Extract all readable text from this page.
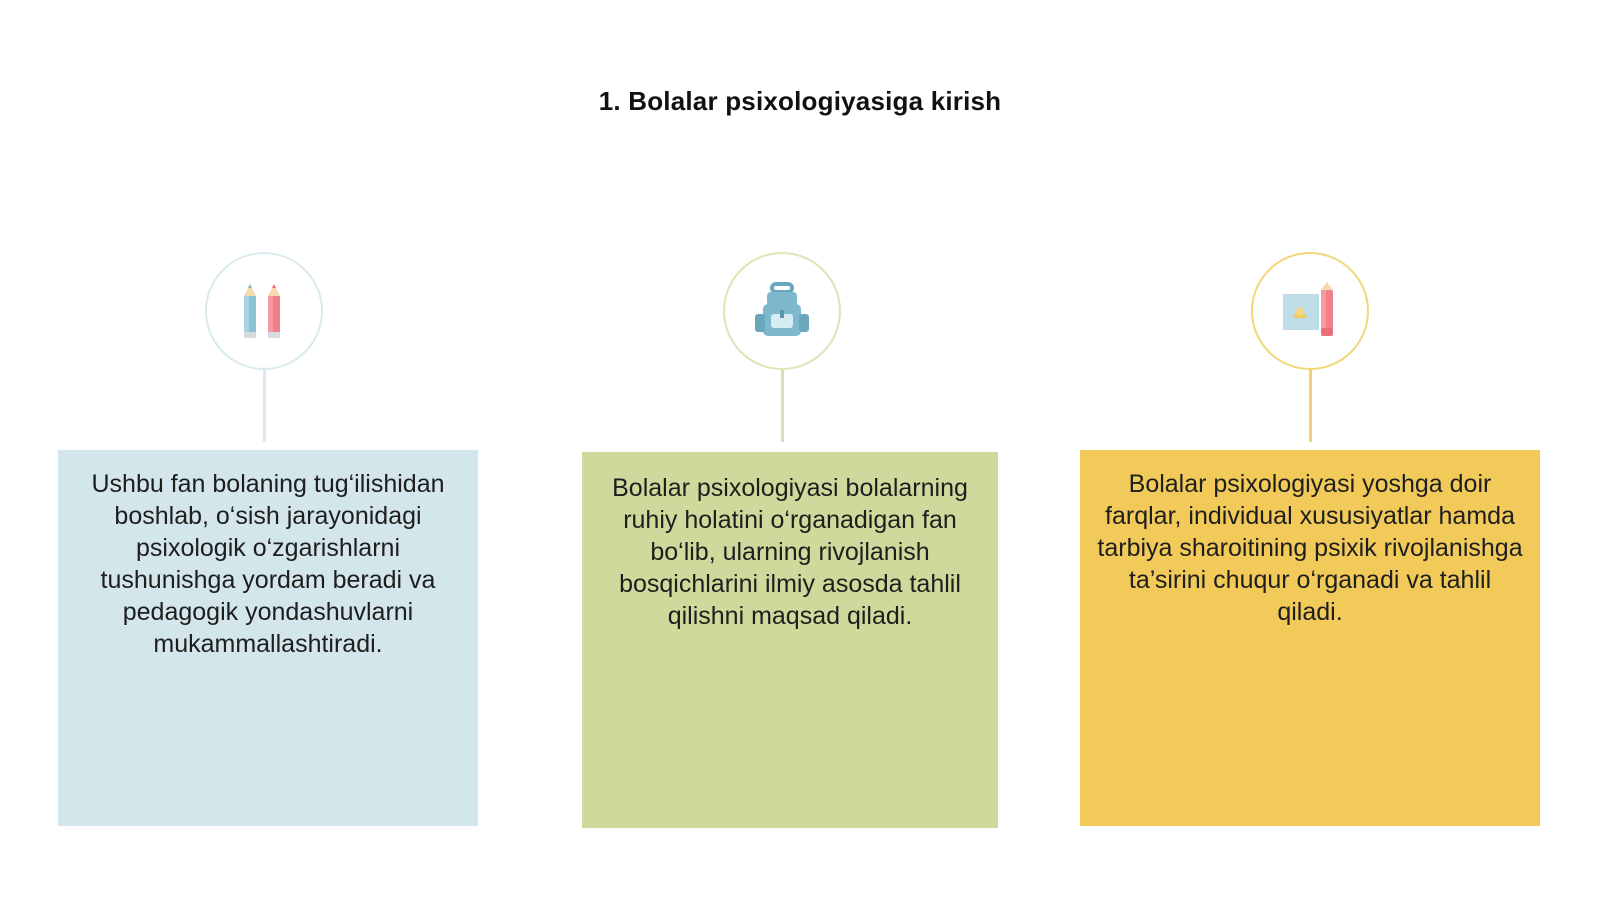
1. Bolalar psixologiyasiga kirish
Ushbu fan bolaning tug‘ilishidan boshlab, o‘sish jarayonidagi psixologik o‘zgarishlarni tushunishga yordam beradi va pedagogik yondashuvlarni mukammallashtiradi.
Bolalar psixologiyasi bolalarning ruhiy holatini o‘rganadigan fan bo‘lib, ularning rivojlanish bosqichlarini ilmiy asosda tahlil qilishni maqsad qiladi.
Bolalar psixologiyasi yoshga doir farqlar, individual xususiyatlar hamda tarbiya sharoitining psixik rivojlanishga ta’sirini chuqur o‘rganadi va tahlil qiladi.
